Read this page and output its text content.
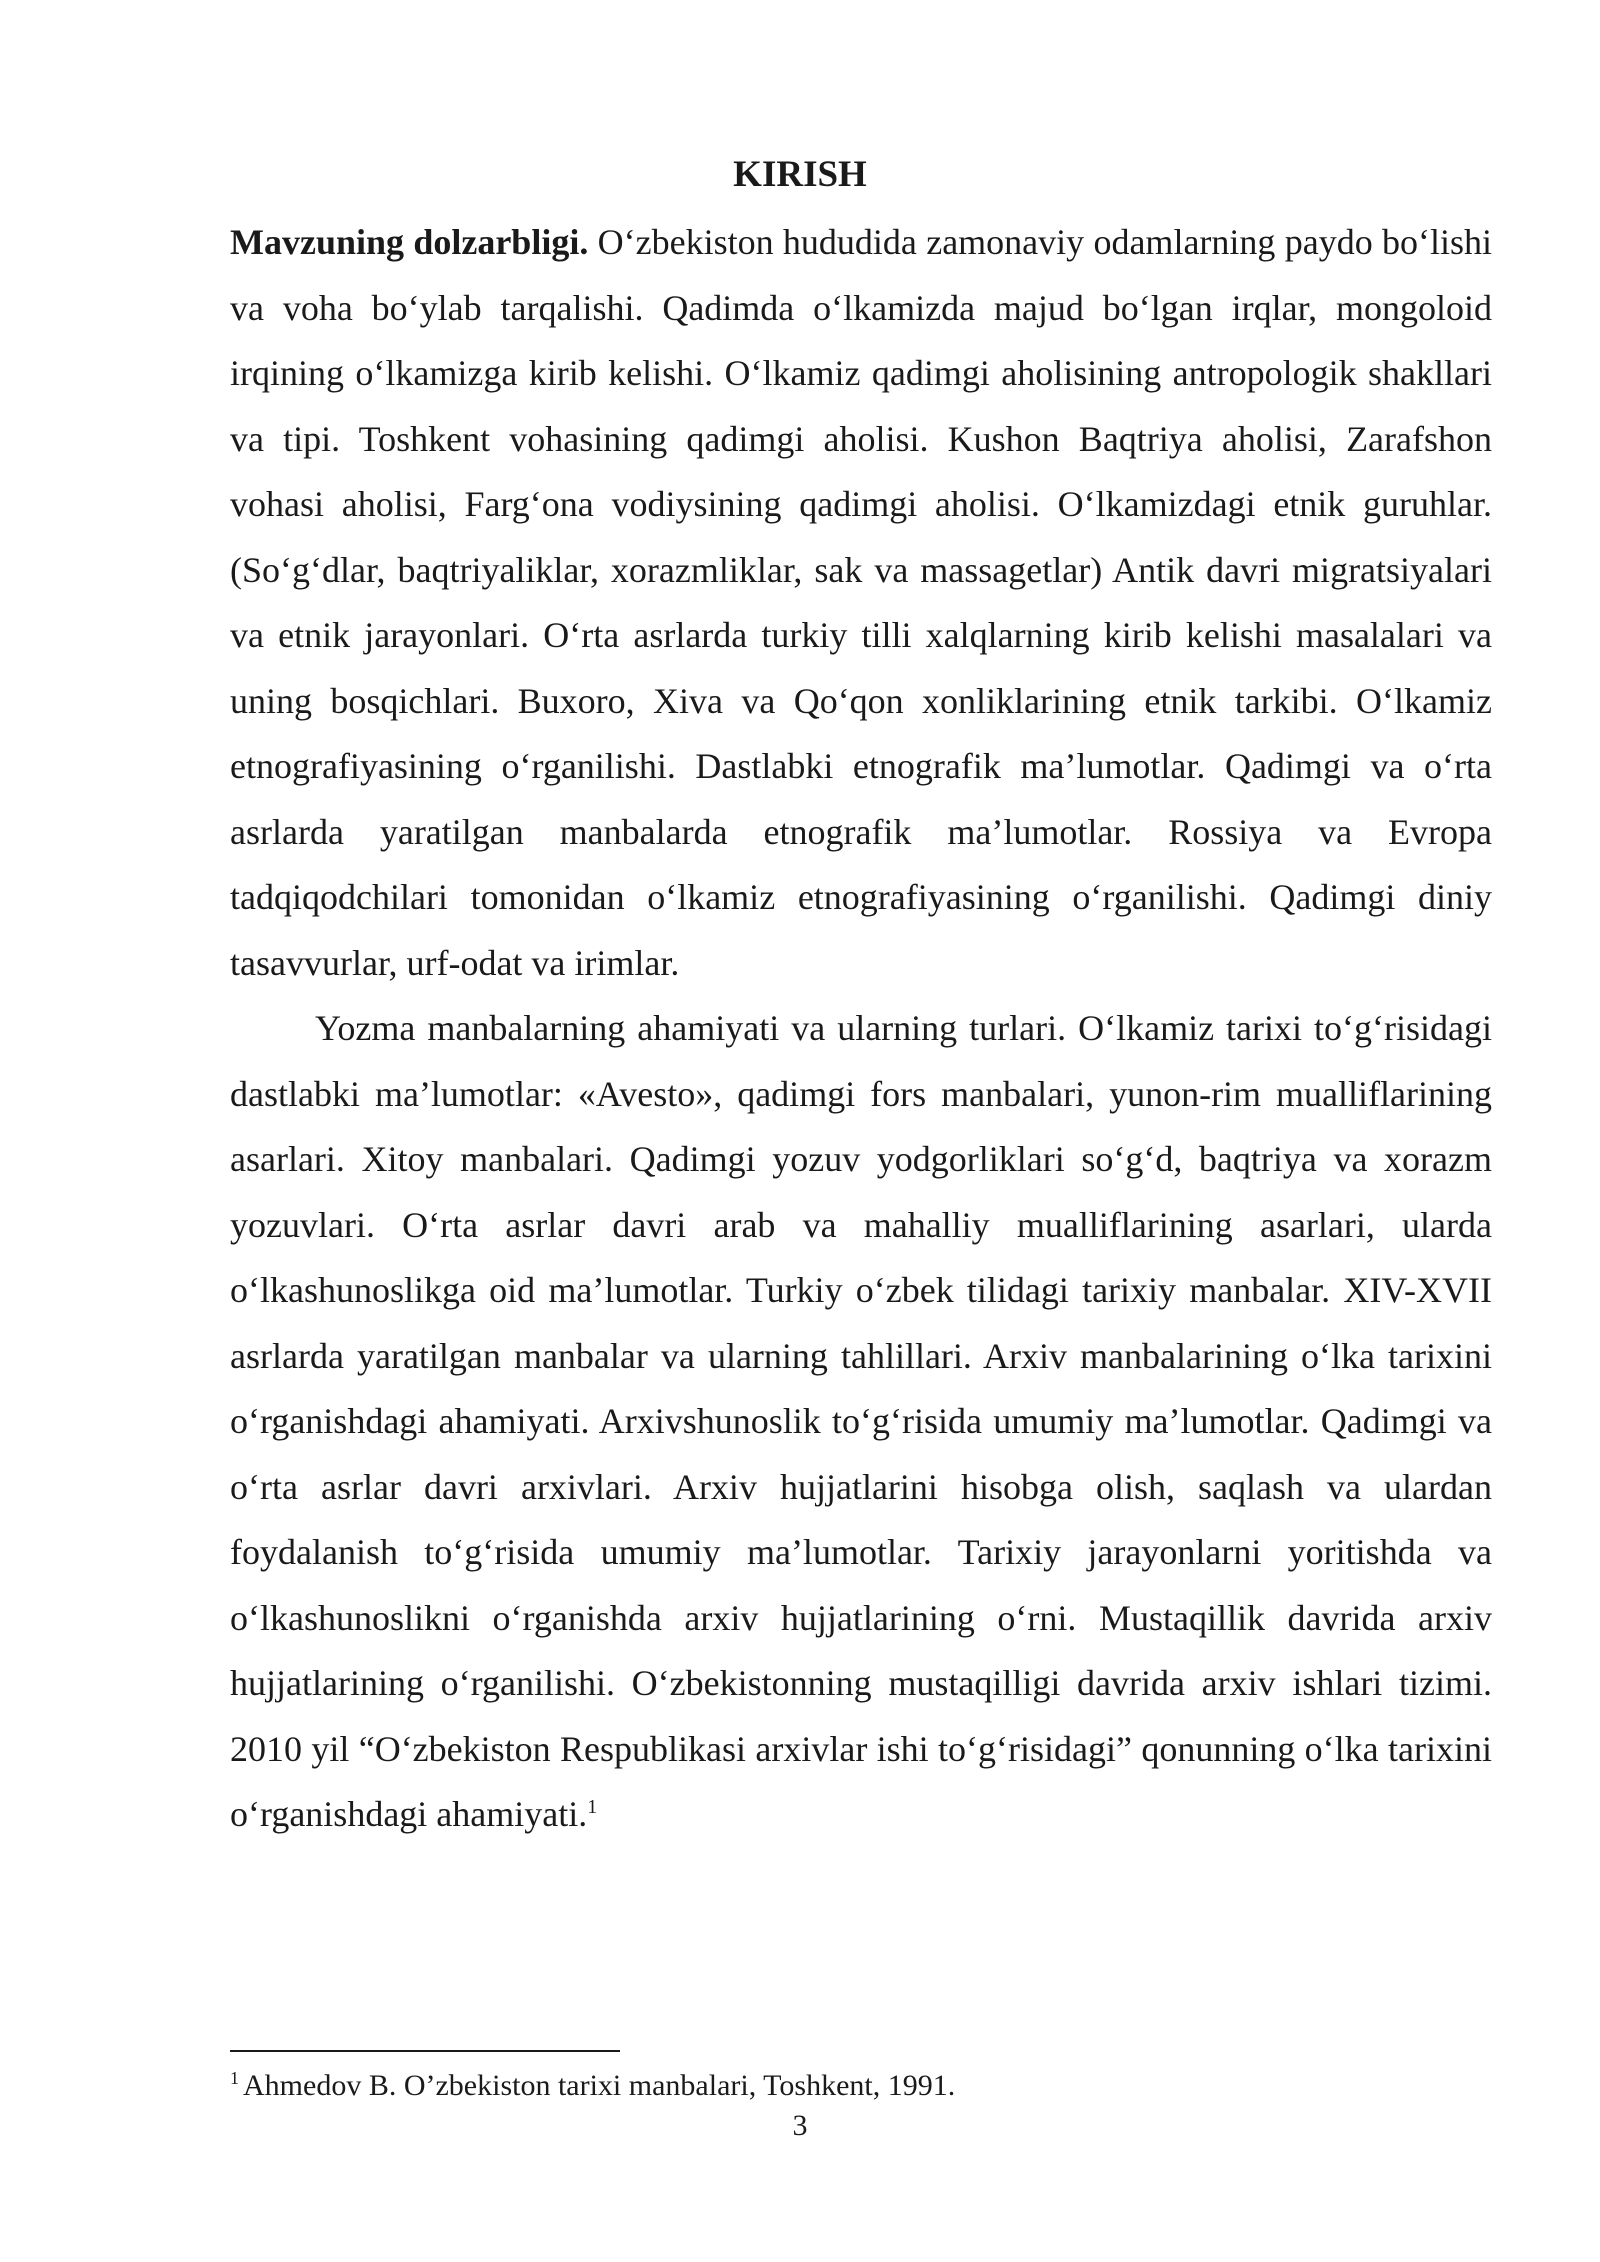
KIRISH

Mavzuning dolzarbligi. O‘zbekiston hududida zamonaviy odamlarning paydo bo‘lishi va voha bo‘ylab tarqalishi. Qadimda o‘lkamizda majud bo‘lgan irqlar, mongoloid irqining o‘lkamizga kirib kelishi. O‘lkamiz qadimgi aholisining antropologik shakllari va tipi. Toshkent vohasining qadimgi aholisi. Kushon Baqtriya aholisi, Zarafshon vohasi aholisi, Farg‘ona vodiysining qadimgi aholisi. O‘lkamizdagi etnik guruhlar. (So‘g‘dlar, baqtriyaliklar, xorazmliklar, sak va massagetlar) Antik davri migratsiyalari va etnik jarayonlari. O‘rta asrlarda turkiy tilli xalqlarning kirib kelishi masalalari va uning bosqichlari. Buxoro, Xiva va Qo‘qon xonliklarining etnik tarkibi. O‘lkamiz etnografiyasining o‘rganilishi. Dastlabki etnografik ma’lumotlar. Qadimgi va o‘rta asrlarda yaratilgan manbalarda etnografik ma’lumotlar. Rossiya va Evropa tadqiqodchilari tomonidan o‘lkamiz etnografiyasining o‘rganilishi. Qadimgi diniy tasavvurlar, urf-odat va irimlar.

Yozma manbalarning ahamiyati va ularning turlari. O‘lkamiz tarixi to‘g‘risidagi dastlabki ma’lumotlar: «Avesto», qadimgi fors manbalari, yunon-rim mualliflarining asarlari. Xitoy manbalari. Qadimgi yozuv yodgorliklari so‘g‘d, baqtriya va xorazm yozuvlari. O‘rta asrlar davri arab va mahalliy mualliflarining asarlari, ularda o‘lkashunoslikga oid ma’lumotlar. Turkiy o‘zbek tilidagi tarixiy manbalar. XIV-XVII asrlarda yaratilgan manbalar va ularning tahlillari. Arxiv manbalarining o‘lka tarixini o‘rganishdagi ahamiyati. Arxivshunoslik to‘g‘risida umumiy ma’lumotlar. Qadimgi va o‘rta asrlar davri arxivlari. Arxiv hujjatlarini hisobga olish, saqlash va ulardan foydalanish to‘g‘risida umumiy ma’lumotlar. Tarixiy jarayonlarni yoritishda va o‘lkashunoslikni o‘rganishda arxiv hujjatlarining o‘rni. Mustaqillik davrida arxiv hujjatlarining o‘rganilishi. O‘zbekistonning mustaqilligi davrida arxiv ishlari tizimi. 2010 yil “O‘zbekiston Respublikasi arxivlar ishi to‘g‘risidagi” qonunning o‘lka tarixini o‘rganishdagi ahamiyati.$^1$

$^1$ Ahmedov B. O’zbekiston tarixi manbalari, Toshkent, 1991.

3
